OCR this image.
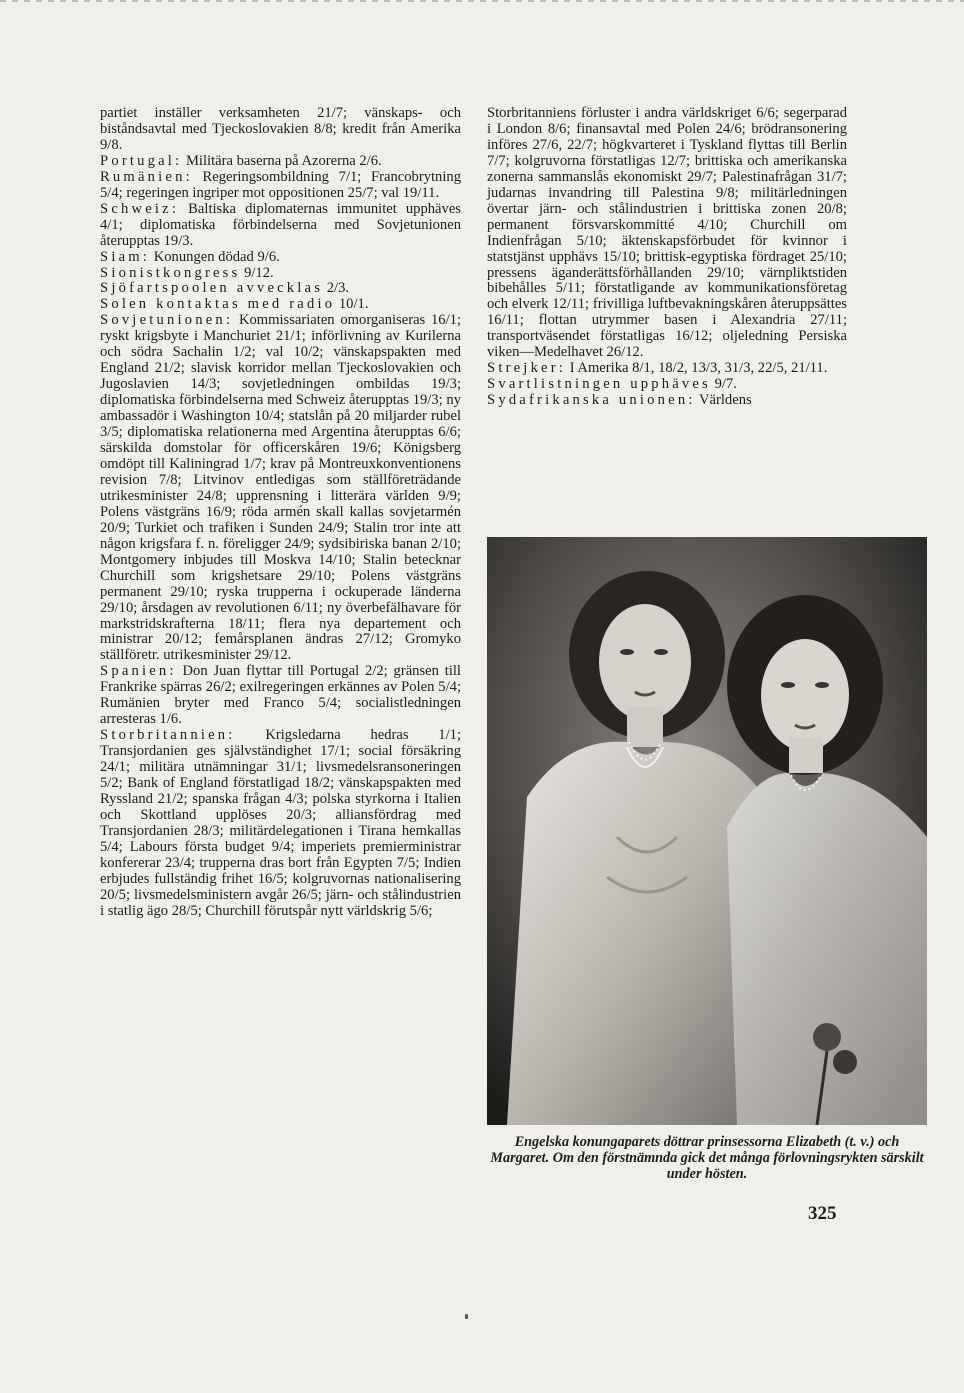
partiet inställer verksamheten 21/7; vänskaps- och biståndsavtal med Tjeckoslovakien 8/8; kredit från Amerika 9/8.

Portugal: Militära baserna på Azorerna 2/6.

Rumänien: Regeringsombildning 7/1; Francobrytning 5/4; regeringen ingriper mot oppositionen 25/7; val 19/11.

Schweiz: Baltiska diplomaternas immunitet upphäves 4/1; diplomatiska förbindelserna med Sovjetunionen återupptas 19/3.

Siam: Konungen dödad 9/6.

Sionistkongress 9/12.

Sjöfartspoolen avvecklas 2/3.

Solen kontaktas med radio 10/1.

Sovjetunionen: Kommissariaten omorganiseras 16/1; ryskt krigsbyte i Manchuriet 21/1; införlivning av Kurilerna och södra Sachalin 1/2; val 10/2; vänskapspakten med England 21/2; slavisk korridor mellan Tjeckoslovakien och Jugoslavien 14/3; sovjetledningen ombildas 19/3; diplomatiska förbindelserna med Schweiz återupptas 19/3; ny ambassadör i Washington 10/4; statslån på 20 miljarder rubel 3/5; diplomatiska relationerna med Argentina återupptas 6/6; särskilda domstolar för officerskåren 19/6; Königsberg omdöpt till Kaliningrad 1/7; krav på Montreuxkonventionens revision 7/8; Litvinov entledigas som ställföreträdande utrikesminister 24/8; upprensning i litterära världen 9/9; Polens västgräns 16/9; röda armén skall kallas sovjetarmén 20/9; Turkiet och trafiken i Sunden 24/9; Stalin tror inte att någon krigsfara f. n. föreligger 24/9; sydsibiriska banan 2/10; Montgomery inbjudes till Moskva 14/10; Stalin betecknar Churchill som krigshetsare 29/10; Polens västgräns permanent 29/10; ryska trupperna i ockuperade länderna 29/10; årsdagen av revolutionen 6/11; ny överbefälhavare för markstridskrafterna 18/11; flera nya departement och ministrar 20/12; femårsplanen ändras 27/12; Gromyko ställföretr. utrikesminister 29/12.

Spanien: Don Juan flyttar till Portugal 2/2; gränsen till Frankrike spärras 26/2; exilregeringen erkännes av Polen 5/4; Rumänien bryter med Franco 5/4; socialistledningen arresteras 1/6.

Storbritannien: Krigsledarna hedras 1/1; Transjordanien ges självständighet 17/1; social försäkring 24/1; militära utnämningar 31/1; livsmedelsransoneringen 5/2; Bank of England förstatligad 18/2; vänskapspakten med Ryssland 21/2; spanska frågan 4/3; polska styrkorna i Italien och Skottland upplöses 20/3; alliansfördrag med Transjordanien 28/3; militärdelegationen i Tirana hemkallas 5/4; Labours första budget 9/4; imperiets premierministrar konfererar 23/4; trupperna dras bort från Egypten 7/5; Indien erbjudes fullständig frihet 16/5; kolgruvornas nationalisering 20/5; livsmedelsministern avgår 26/5; järn- och stålindustrien i statlig ägo 28/5; Churchill förutspår nytt världskrig 5/6;

Storbritanniens förluster i andra världskriget 6/6; segerparad i London 8/6; finansavtal med Polen 24/6; brödransonering införes 27/6, 22/7; högkvarteret i Tyskland flyttas till Berlin 7/7; kolgruvorna förstatligas 12/7; brittiska och amerikanska zonerna sammanslås ekonomiskt 29/7; Palestinafrågan 31/7; judarnas invandring till Palestina 9/8; militärledningen övertar järn- och stålindustrien i brittiska zonen 20/8; permanent försvarskommitté 4/10; Churchill om Indienfrågan 5/10; äktenskapsförbudet för kvinnor i statstjänst upphävs 15/10; brittisk-egyptiska fördraget 25/10; pressens äganderättsförhållanden 29/10; värnpliktstiden bibehålles 5/11; förstatligande av kommunikationsföretag och elverk 12/11; frivilliga luftbevakningskåren återuppsättes 16/11; flottan utrymmer basen i Alexandria 27/11; transportväsendet förstatligas 16/12; oljeledning Persiska viken—Medelhavet 26/12.

Strejker: I Amerika 8/1, 18/2, 13/3, 31/3, 22/5, 21/11.

Svartlistningen upphäves 9/7.

Sydafrikanska unionen: Världens

Engelska konungaparets döttrar prinsessorna Elizabeth (t. v.) och Margaret. Om den förstnämnda gick det många förlovningsrykten särskilt under hösten.
325
